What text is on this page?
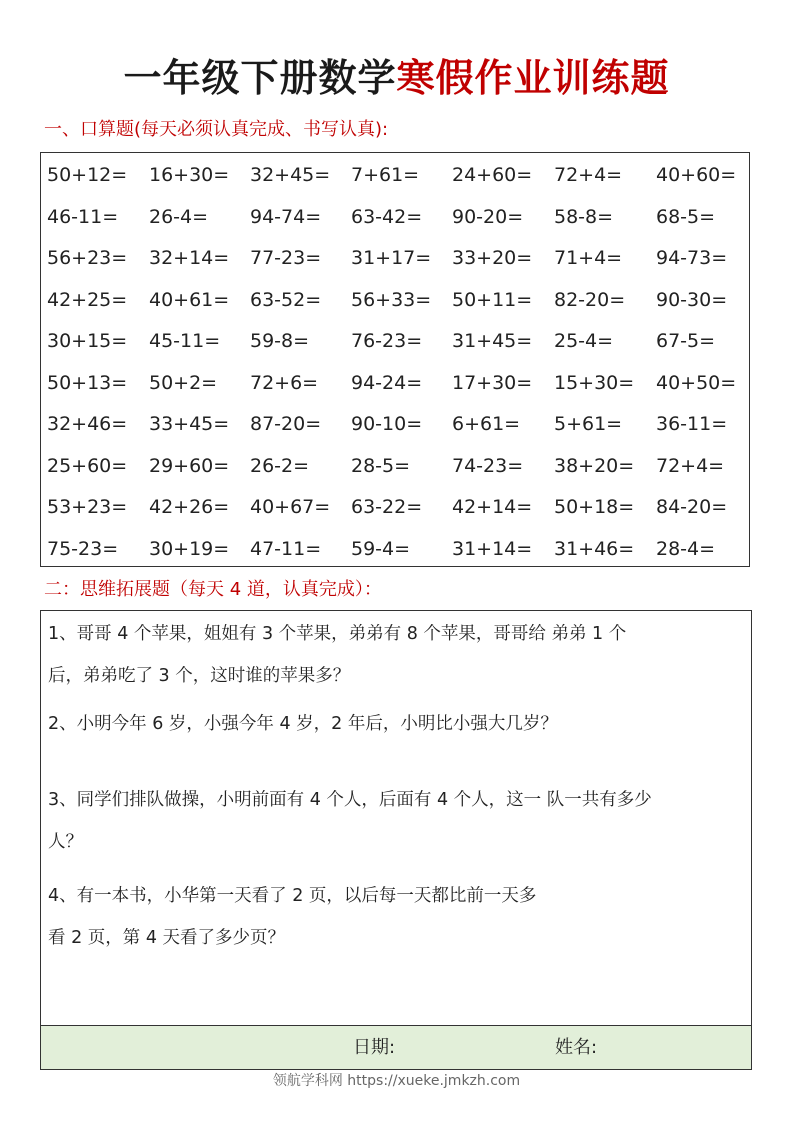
一年级下册数学寒假作业训练题
一、口算题(每天必须认真完成、书写认真):
50+12= 16+30= 32+45= 7+61= 24+60= 72+4= 40+60=
46-11= 26-4= 94-74= 63-42= 90-20= 58-8= 68-5=
56+23= 32+14= 77-23= 31+17= 33+20= 71+4= 94-73=
42+25= 40+61= 63-52= 56+33= 50+11= 82-20= 90-30=
30+15= 45-11= 59-8= 76-23= 31+45= 25-4= 67-5=
50+13= 50+2= 72+6= 94-24= 17+30= 15+30= 40+50=
32+46= 33+45= 87-20= 90-10= 6+61= 5+61= 36-11=
25+60= 29+60= 26-2= 28-5= 74-23= 38+20= 72+4=
53+23= 42+26= 40+67= 63-22= 42+14= 50+18= 84-20=
75-23= 30+19= 47-11= 59-4= 31+14= 31+46= 28-4=
二：思维拓展题（每天 4 道，认真完成）：
1、哥哥 4 个苹果，姐姐有 3 个苹果，弟弟有 8 个苹果，哥哥给 弟弟 1 个
后，弟弟吃了 3 个，这时谁的苹果多？
2、小明今年 6 岁，小强今年 4 岁，2 年后，小明比小强大几岁？
3、同学们排队做操，小明前面有 4 个人，后面有 4 个人，这一 队一共有多少
人？
4、有一本书，小华第一天看了 2 页，以后每一天都比前一天多
看 2 页，第 4 天看了多少页？
日期:	姓名:
领航学科网 https://xueke.jmkzh.com
